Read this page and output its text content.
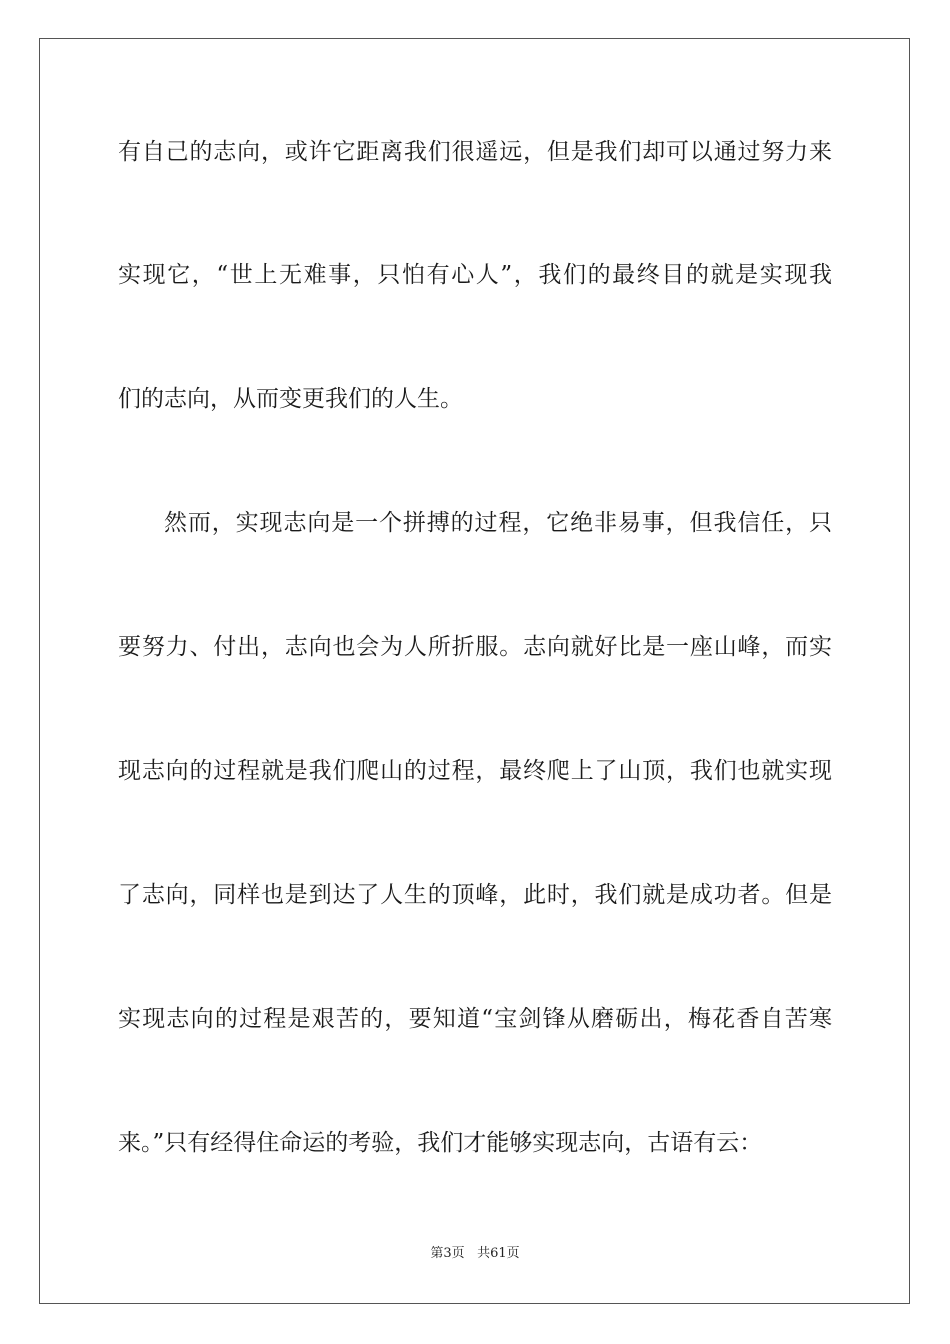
有自己的志向，或许它距离我们很遥远，但是我们却可以通过努力来

实现它，“世上无难事，只怕有心人”，我们的最终目的就是实现我

们的志向，从而变更我们的人生。

然而，实现志向是一个拼搏的过程，它绝非易事，但我信任，只

要努力、付出，志向也会为人所折服。志向就好比是一座山峰，而实

现志向的过程就是我们爬山的过程，最终爬上了山顶，我们也就实现

了志向，同样也是到达了人生的顶峰，此时，我们就是成功者。但是

实现志向的过程是艰苦的，要知道“宝剑锋从磨砺出，梅花香自苦寒

来。”只有经得住命运的考验，我们才能够实现志向，古语有云：

第3页 共61页
